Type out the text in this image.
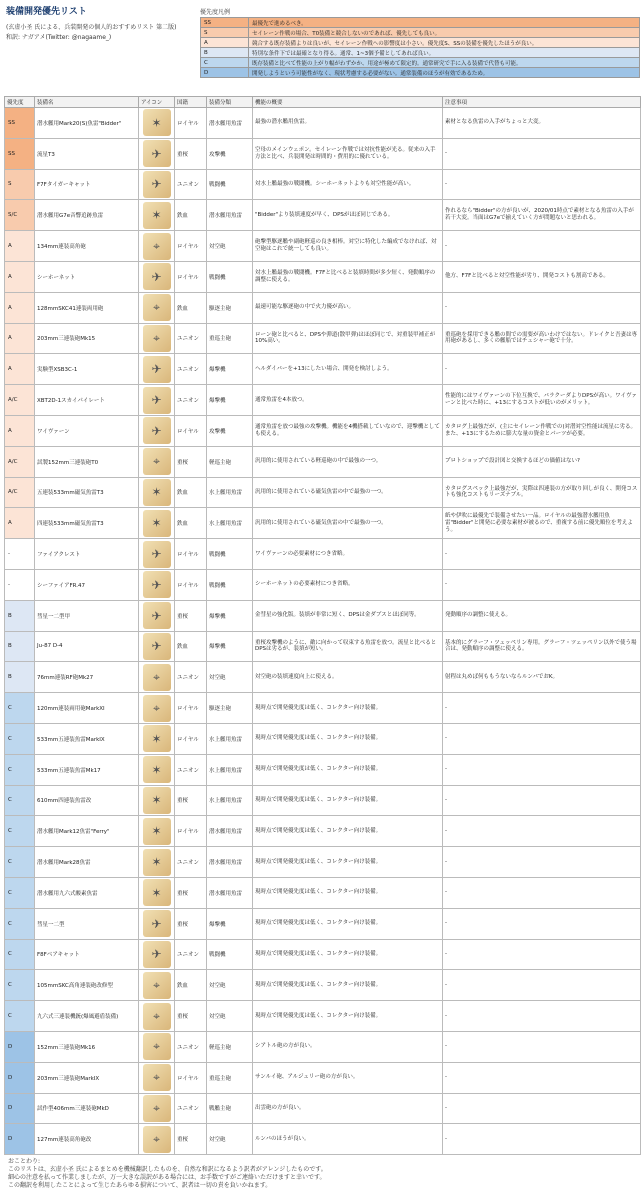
装備開発優先リスト
(玄虚小圣 氏による、兵装開発の個人的おすすめリスト 第二版)
和訳: ナガアメ(Twitter: @nagaame_)
優先度凡例
SS	最優先で進めるべき。
S	セイレーン作戦の場合、T0装備と競合しないのであれば、優先しても良い。
A	競合する既存装備よりは良いが、セイレーン作戦への影響度は小さい。優先度S、SSの装備を優先したほうが良い。
B	特別な条件下では最確となり得る。通常、1~3個予備としてあれば良い。
C	既存装備と比べて性能の上がり幅がわずかか、用途が極めて限定的。通常研究で手に入る装備で代替も可能。
D	開発しようという可能性がなく、現状考慮する必要がない。通常装備のほうが有効であるため。
優先度	装備名	アイコン	国籍	装備分類	機能の概要	注意事項
SS	潜水艦用Mark20(S)魚雷"Bidder"	✶	ロイヤル	潜水艦用魚雷	最強の潜水艦用魚雷。	素材となる魚雷の入手がちょっと大変。
SS	流星T3	✈	重桜	攻撃機	空母のメインウェポン。セイレーン作戦では対抗性能が光る。従来の入手方法と比べ、兵装開発は時間的・費用的に優れている。	-
S	F7Fタイガーキャット	✈	ユニオン	戦闘機	対水上艦最強の戦闘機。シーホーネットよりも対空性能が高い。	-
S/C	潜水艦用G7e音響追跡魚雷	✶	鉄血	潜水艦用魚雷	"Bidder"より装填速度が早く、DPSがほぼ同じである。	作れるなら"Bidder"の方が良いが、2020/01時点で素材となる魚雷の入手が若干大変。当面はG7eで揃えていく方が問題ないと思われる。
A	134mm連装高角砲	⌖	ロイヤル	対空砲	砲撃型駆逐艦や副砲軽巡の良き相棒。対空に特化した編成でなければ、対空砲はこれで統一しても良い。	-
A	シーホーネット	✈	ロイヤル	戦闘機	対水上艦最強の戦闘機。F7Fと比べると装填時間が多少短く、発動順序の調整に使える。	他方、F7Fと比べると対空性能が劣り、開発コストも割高である。
A	128mmSKC41連装両用砲	⌖	鉄血	駆逐主砲	最速可能な駆逐砲の中で火力優が高い。	-
A	203mm三連装砲Mk15	⌖	ユニオン	重巡主砲	ローン砲と比べると、DPSや弾道(散甲弾)はほぼ同じで、対重装甲補正が10%高い。	重巡砲を採用できる艦の間での需要が高いわけではない。ドレイクと吾妻は専用砲があるし、多くの艦船ではチェシャー砲で十分。
A	実験型XSB3C-1	✈	ユニオン	爆撃機	ヘルダイバーを+13にしたい場合、開発を検討しよう。	-
A/C	XBT2D-1スカイパイレート	✈	ユニオン	爆撃機	通常魚雷を4本放つ。	性能的にはワイヴァーンの下位互換で、バラクーダよりDPSが高い。ワイヴァーンと比べた時に、+13にするコストが低いのがメリット。
A	ワイヴァーン	✈	ロイヤル	攻撃機	通常魚雷を放つ最強の攻撃機。機能を4機搭載していなので、迎撃機としても使える。	カタログ上最強だが、(主にセイレーン作戦での)対潜対空性能は流星に劣る。また、+13にするために膨大な量の資金とパーツが必要。
A/C	試製152mm三連装砲T0	⌖	重桜	軽巡主砲	汎用的に使用されている軽巡砲の中で最強の一つ。	プロトショップで設計図と交換するほどの価値はない?
A/C	五連装533mm磁気魚雷T3	✶	鉄血	水上艦用魚雷	汎用的に使用されている磁気魚雷の中で最強の一つ。	カタログスペック上最強だが、実際は四連装の方が取り回しが良く、開発コストも強化コストもリーズナブル。
A	四連装533mm磁気魚雷T3	✶	鉄血	水上艦用魚雷	汎用的に使用されている磁気魚雷の中で最強の一つ。	紙や伊吹に最優先で装備させたい一品。ロイヤルの最強潜水艦用魚雷"Bidder"と開発に必要な素材が被るので、重複する前に優先順位を考えよう。
-	ファイアクレスト	✈	ロイヤル	戦闘機	ワイヴァーンの必要素材につき省略。	-
-	シーファイアFR.47	✈	ロイヤル	戦闘機	シーホーネットの必要素材につき省略。	-
B	彗星一二型甲	✈	重桜	爆撃機	金彗星の強化版。装填が非常に短く、DPSは金ダブスとほぼ同等。	発動順序の調整に使える。
B	Ju-87 D-4	✈	鉄血	爆撃機	重桜攻撃機のように、敵に向かって収束する魚雷を放つ。流星と比べるとDPSは劣るが、装填が短い。	基本的にグラーフ・ツェッペリン専用。グラーフ・ツェッペリン以外で使う場合は、発動順序の調整に使える。
B	76mm連装RF砲Mk27	⌖	ユニオン	対空砲	対空砲の装填速度向上に使える。	射程は丸めば何ももうないならルンバでおK。
C	120mm連装両用砲MarkXI	⌖	ロイヤル	駆逐主砲	現時点で開発優先度は低く、コレクター向け装備。	-
C	533mm五連装魚雷MarkIX	✶	ロイヤル	水上艦用魚雷	現時点で開発優先度は低く、コレクター向け装備。	-
C	533mm五連装魚雷Mk17	✶	ユニオン	水上艦用魚雷	現時点で開発優先度は低く、コレクター向け装備。	-
C	610mm四連装魚雷改	✶	重桜	水上艦用魚雷	現時点で開発優先度は低く、コレクター向け装備。	-
C	潜水艦用Mark12魚雷"Ferry"	✶	ロイヤル	潜水艦用魚雷	現時点で開発優先度は低く、コレクター向け装備。	-
C	潜水艦用Mark28魚雷	✶	ユニオン	潜水艦用魚雷	現時点で開発優先度は低く、コレクター向け装備。	-
C	潜水艦用九六式酸素魚雷	✶	重桜	潜水艦用魚雷	現時点で開発優先度は低く、コレクター向け装備。	-
C	彗星一二型	✈	重桜	爆撃機	現時点で開発優先度は低く、コレクター向け装備。	-
C	F8Fベアキャット	✈	ユニオン	戦闘機	現時点で開発優先度は低く、コレクター向け装備。	-
C	105mmSKC高角連装砲改修型	⌖	鉄血	対空砲	現時点で開発優先度は低く、コレクター向け装備。	-
C	九六式三連装機銃(爆風避盾装備)	⌖	重桜	対空砲	現時点で開発優先度は低く、コレクター向け装備。	-
D	152mm三連装砲Mk16	⌖	ユニオン	軽巡主砲	シアトル砲の方が良い。	-
D	203mm三連装砲MarkIX	⌖	ロイヤル	重巡主砲	サンルイ砲、アルジェリー砲の方が良い。	-
D	試作型406mm三連装砲MkD	⌖	ユニオン	戦艦主砲	出雲砲の方が良い。	-
D	127mm連装高角砲改	⌖	重桜	対空砲	ルンバのほうが良い。	-
おことわり:
このリストは、玄虚小圣 氏によるまとめを機械翻訳したものを、自然な和訳になるよう訳者がアレンジしたものです。
細心の注意を払って作業しましたが、万一大きな誤訳がある場合には、お手数ですがご連絡いただけますと幸いです。
この翻訳を利用したことによって生じたあらゆる損害について、訳者は一切の責を負いかねます。
